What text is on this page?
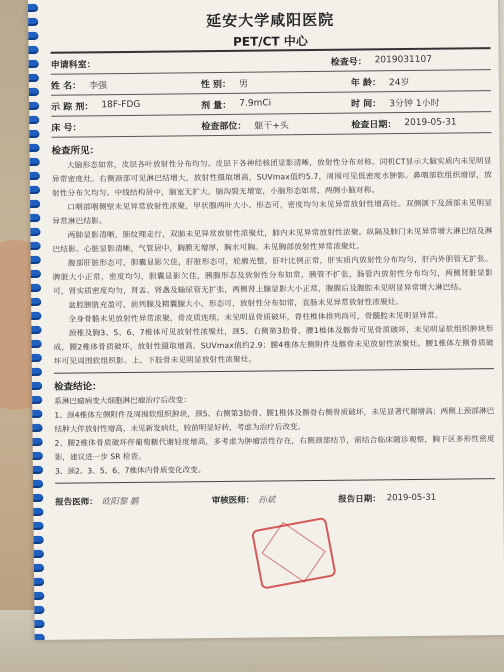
延安大学咸阳医院
PET/CT 中心
申请科室：	检查号： 2019031107
姓 名： 李强	性 别： 男	年 龄： 24岁
示 踪 剂： 18F-FDG	剂 量： 7.9mCi	时 间： 3分钟 1小时
床 号：	检查部位： 躯干+头	检查日期： 2019-05-31
检查所见：

大脑形态如常，皮层各叶放射性分布均匀。皮层下各神经核团显影清晰，放射性分布对称。同机CT显示大脑实质内未见明显异常密度灶。右侧颈部可见淋巴结增大，放射性摄取增高，SUVmax值约5.7，周围可见低密度水肿影。鼻咽部软组织增厚，放射性分布欠均匀。中线结构居中，脑室无扩大，脑沟裂无增宽，小脑形态如常，两侧小脑对称。

口咽部咽侧壁未见异常放射性浓聚，甲状腺两叶大小、形态可，密度均匀未见异常放射性增高灶。双侧颌下及颈部未见明显异常淋巴结影。

两肺显影清晰，肺纹理走行，双肺未见异常放射性浓聚灶，肺内未见异常放射性浓聚。纵隔及肺门未见异常增大淋巴结及淋巴结影。心脏显影清晰，气管居中，胸膜无增厚，胸水可胸。未见胸部放射性异常浓聚灶。

腹部肝脏形态可，胆囊显影欠佳，肝脏形态可，轮廓光整，肝叶比例正常，肝实质内放射性分布均匀，肝内外胆管无扩张。脾脏大小正常，密度均匀，胆囊显影欠佳，胰腺形态及放射性分布如常，胰管不扩张，肠管内放射性分布均匀，两侧肾脏显影可，肾实质密度均匀，肾盂、肾盏及输尿管无扩张，两侧肾上腺显影大小正常，腹膜后及腹腔未见明显异常增大淋巴结。

盆腔膀胱充盈可，前列腺及精囊腺大小、形态可，放射性分布如常，直肠未见异常放射性浓聚灶。

全身骨骼未见放射性异常浓聚，骨皮质连续，未见明显骨质破坏，脊柱椎体排列尚可，骨髓腔未见明显异常。

颈椎及胸3、5、6、7椎体可见放射性浓聚灶，颈5、右侧第3肋骨、腰1椎体及髂骨可见骨质破坏，未见明显软组织肿块形成，腰2椎体骨质破坏，放射性摄取增高，SUVmax值约2.9；腰4椎体左侧附件及髂骨未见放射性浓聚灶。腰1椎体左侧骨质破坏可见周围软组织影。上、下肢骨未见明显放射性浓聚灶。

检查结论：

系淋巴瘤病变大细胞淋巴瘤治疗后改变：

1、颈4椎体左侧附件及周围软组织肿块，颈5、右侧第3肋骨、腰1椎体及髂骨右侧骨质破坏，未见显著代谢增高；两侧上颈部淋巴结肿大伴放射性增高，未见新发病灶，较前明显好转，考虑为治疗后改变。

2、腰2椎体骨质破坏伴葡萄糖代谢轻度增高，多考虑为肿瘤活性存在，右侧颈部结节，需结合临床随诊观察，胸下区多形性密度影，建议进一步 SR 检查。

3、颈2、3、5、6、7椎体内骨质变化改变。

报告医师： 欧阳黎 鹏	审核医师： 孙斌	报告日期： 2019-05-31
